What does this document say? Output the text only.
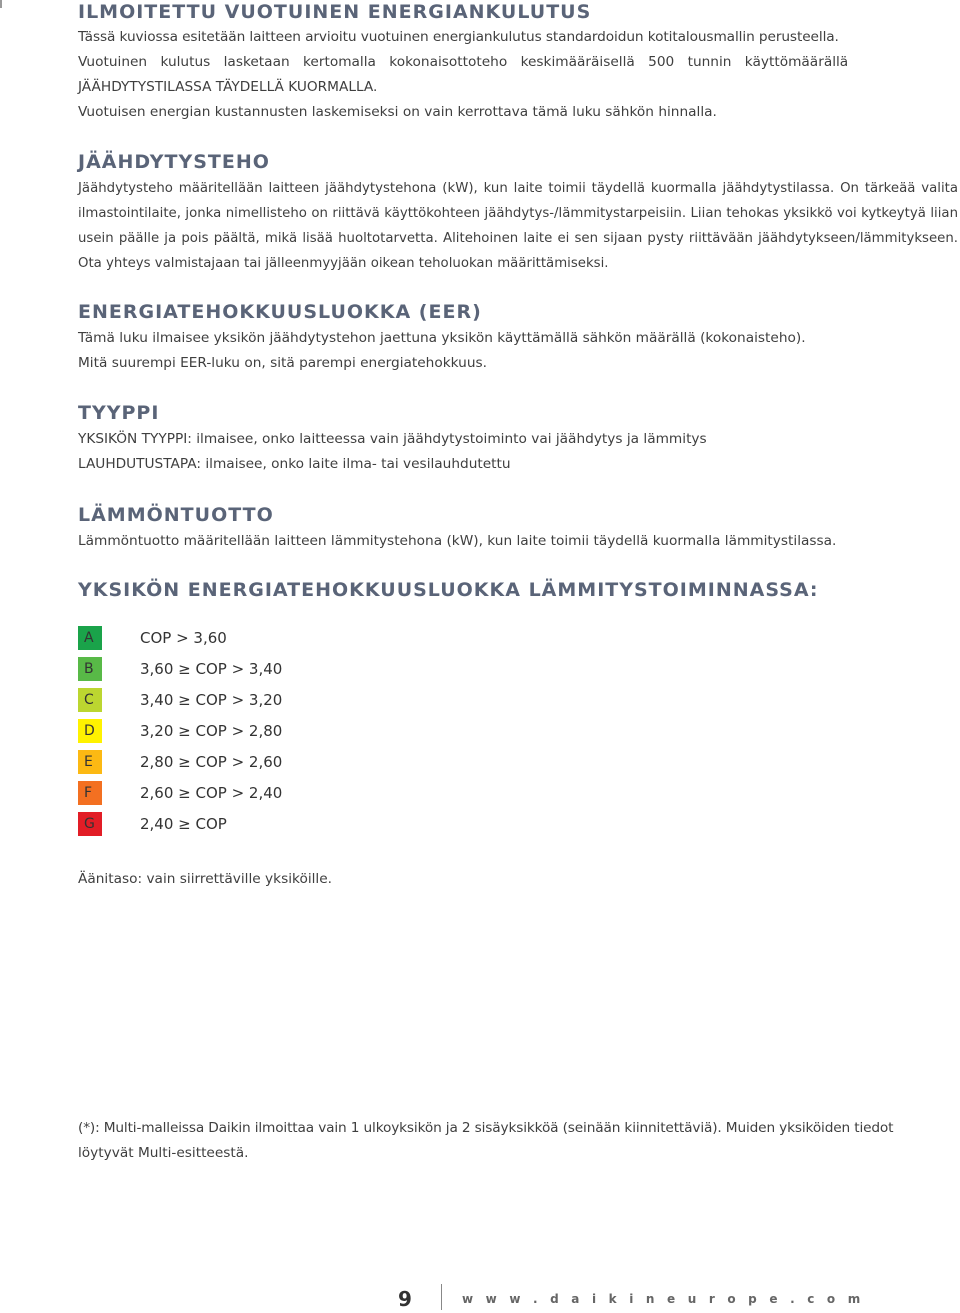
ILMOITETTU VUOTUINEN ENERGIANKULUTUS
Tässä kuviossa esitetään laitteen arvioitu vuotuinen energiankulutus standardoidun kotitalousmallin perusteella.
Vuotuinen kulutus lasketaan kertomalla kokonaisottoteho keskimääräisellä 500 tunnin käyttömäärällä
JÄÄHDYTYSTILASSA TÄYDELLÄ KUORMALLA.
Vuotuisen energian kustannusten laskemiseksi on vain kerrottava tämä luku sähkön hinnalla.
JÄÄHDYTYSTEHO

Jäähdytysteho määritellään laitteen jäähdytystehona (kW), kun laite toimii täydellä kuormalla jäähdytystilassa. On tärkeää valita ilmastointilaite, jonka nimellisteho on riittävä käyttökohteen jäähdytys-/lämmitystarpeisiin. Liian tehokas yksikkö voi kytkeytyä liian usein päälle ja pois päältä, mikä lisää huoltotarvetta. Alitehoinen laite ei sen sijaan pysty riittävään jäähdytykseen/lämmitykseen. Ota yhteys valmistajaan tai jälleenmyyjään oikean teholuokan määrittämiseksi.

ENERGIATEHOKKUUSLUOKKA (EER)
Tämä luku ilmaisee yksikön jäähdytystehon jaettuna yksikön käyttämällä sähkön määrällä (kokonaisteho).
Mitä suurempi EER-luku on, sitä parempi energiatehokkuus.
TYYPPI
YKSIKÖN TYYPPI: ilmaisee, onko laitteessa vain jäähdytystoiminto vai jäähdytys ja lämmitys
LAUHDUTUSTAPA: ilmaisee, onko laite ilma- tai vesilauhdutettu
LÄMMÖNTUOTTO
Lämmöntuotto määritellään laitteen lämmitystehona (kW), kun laite toimii täydellä kuormalla lämmitystilassa.
YKSIKÖN ENERGIATEHOKKUUSLUOKKA LÄMMITYSTOIMINNASSA:
A	COP > 3,60
B	3,60 ≥ COP > 3,40
C	3,40 ≥ COP > 3,20
D	3,20 ≥ COP > 2,80
E	2,80 ≥ COP > 2,60
F	2,60 ≥ COP > 2,40
G	2,40 ≥ COP
Äänitaso: vain siirrettäville yksiköille.
(*): Multi-malleissa Daikin ilmoittaa vain 1 ulkoyksikön ja 2 sisäyksikköä (seinään kiinnitettäviä). Muiden yksiköiden tiedot
löytyvät Multi-esitteestä.
9	w w w . d a i k i n e u r o p e . c o m
